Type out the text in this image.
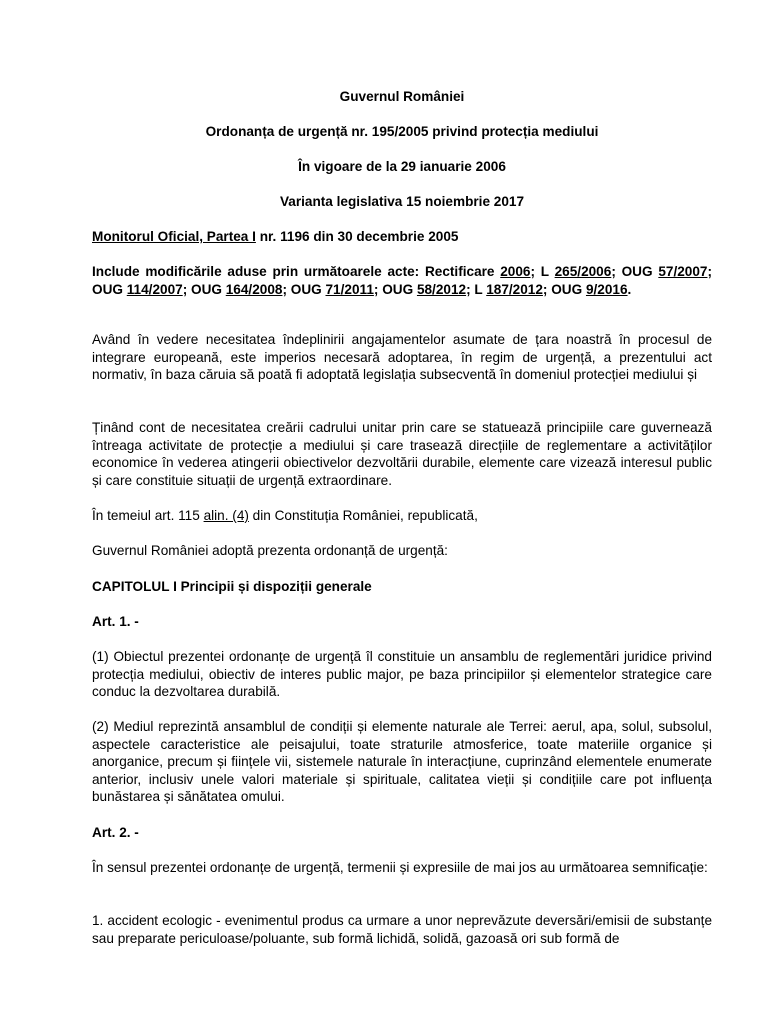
Guvernul României

Ordonanța de urgență nr. 195/2005 privind protecția mediului

În vigoare de la 29 ianuarie 2006

Varianta legislativa 15 noiembrie 2017

Monitorul Oficial, Partea I nr. 1196 din 30 decembrie 2005

Include modificările aduse prin următoarele acte: Rectificare 2006; L 265/2006; OUG 57/2007; OUG 114/2007; OUG 164/2008; OUG 71/2011; OUG 58/2012; L 187/2012; OUG 9/2016.

Având în vedere necesitatea îndeplinirii angajamentelor asumate de țara noastră în procesul de integrare europeană, este imperios necesară adoptarea, în regim de urgență, a prezentului act normativ, în baza căruia să poată fi adoptată legislația subsecventă în domeniul protecției mediului și

Ținând cont de necesitatea creării cadrului unitar prin care se statuează principiile care guvernează întreaga activitate de protecție a mediului și care trasează direcțiile de reglementare a activităților economice în vederea atingerii obiectivelor dezvoltării durabile, elemente care vizează interesul public și care constituie situații de urgență extraordinare.

În temeiul art. 115 alin. (4) din Constituția României, republicată,

Guvernul României adoptă prezenta ordonanță de urgență:

CAPITOLUL I Principii și dispoziții generale

Art. 1. -

(1) Obiectul prezentei ordonanțe de urgență îl constituie un ansamblu de reglementări juridice privind protecția mediului, obiectiv de interes public major, pe baza principiilor și elementelor strategice care conduc la dezvoltarea durabilă.

(2) Mediul reprezintă ansamblul de condiții și elemente naturale ale Terrei: aerul, apa, solul, subsolul, aspectele caracteristice ale peisajului, toate straturile atmosferice, toate materiile organice și anorganice, precum și ființele vii, sistemele naturale în interacțiune, cuprinzând elementele enumerate anterior, inclusiv unele valori materiale și spirituale, calitatea vieții și condițiile care pot influența bunăstarea și sănătatea omului.

Art. 2. -

În sensul prezentei ordonanțe de urgență, termenii și expresiile de mai jos au următoarea semnificație:

1. accident ecologic - evenimentul produs ca urmare a unor neprevăzute deversări/emisii de substanțe sau preparate periculoase/poluante, sub formă lichidă, solidă, gazoasă ori sub formă de
